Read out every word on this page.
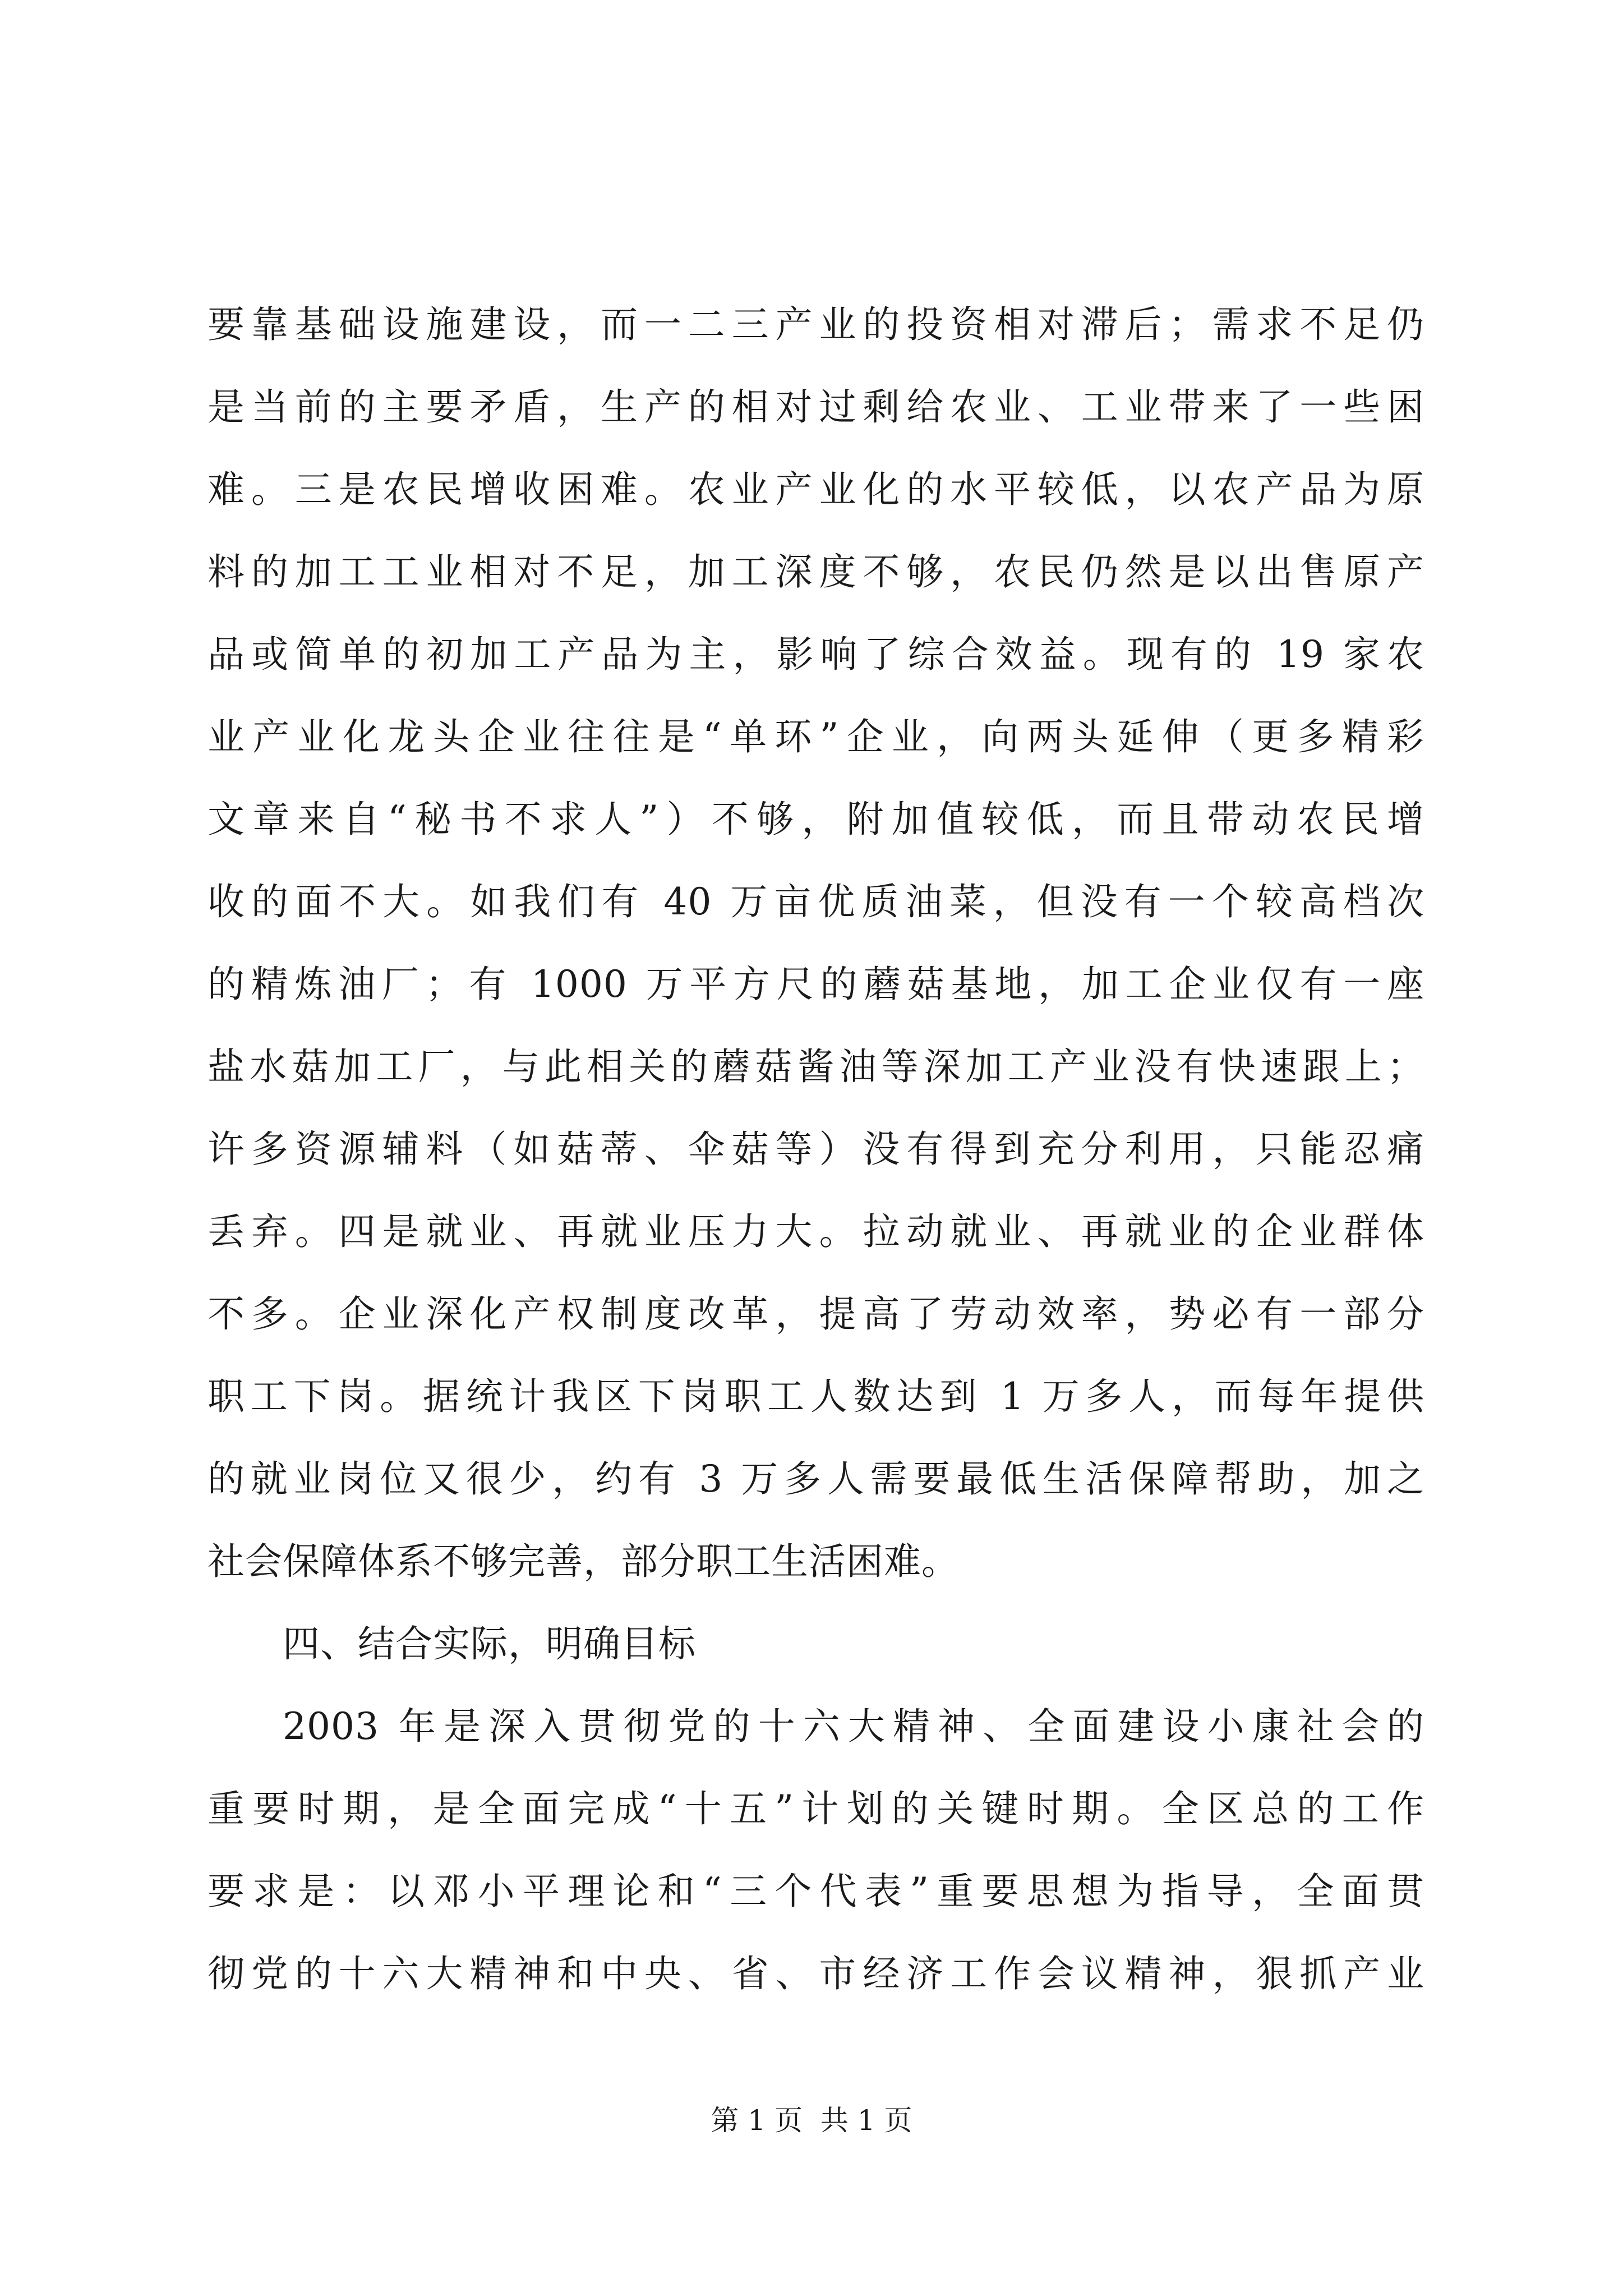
要靠基础设施建设，而一二三产业的投资相对滞后；需求不足仍
是当前的主要矛盾，生产的相对过剩给农业、工业带来了一些困
难。三是农民增收困难。农业产业化的水平较低，以农产品为原
料的加工工业相对不足，加工深度不够，农民仍然是以出售原产
品或简单的初加工产品为主，影响了综合效益。现有的 19 家农
业产业化龙头企业往往是“单环”企业，向两头延伸（更多精彩
文章来自“秘书不求人”）不够，附加值较低，而且带动农民增
收的面不大。如我们有 40 万亩优质油菜，但没有一个较高档次
的精炼油厂；有 1000 万平方尺的蘑菇基地，加工企业仅有一座
盐水菇加工厂，与此相关的蘑菇酱油等深加工产业没有快速跟上；
许多资源辅料（如菇蒂、伞菇等）没有得到充分利用，只能忍痛
丢弃。四是就业、再就业压力大。拉动就业、再就业的企业群体
不多。企业深化产权制度改革，提高了劳动效率，势必有一部分
职工下岗。据统计我区下岗职工人数达到 1 万多人，而每年提供
的就业岗位又很少，约有 3 万多人需要最低生活保障帮助，加之
社会保障体系不够完善，部分职工生活困难。
四、结合实际，明确目标
2003 年是深入贯彻党的十六大精神、全面建设小康社会的
重要时期，是全面完成“十五”计划的关键时期。全区总的工作
要求是：以邓小平理论和“三个代表”重要思想为指导，全面贯
彻党的十六大精神和中央、省、市经济工作会议精神，狠抓产业
第 1 页  共 1 页
